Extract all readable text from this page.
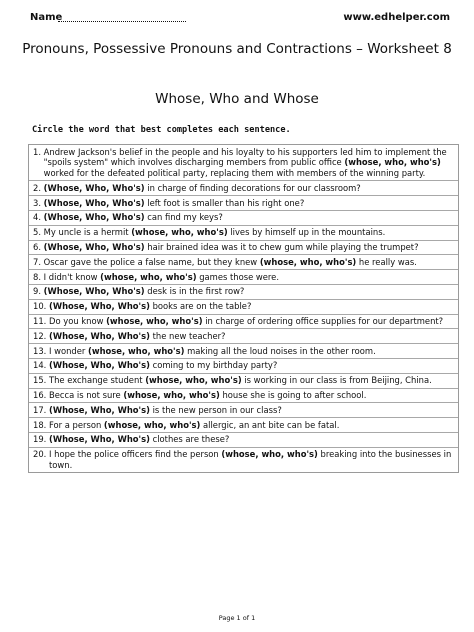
Name	www.edhelper.com
Pronouns, Possessive Pronouns and Contractions – Worksheet 8
Whose, Who and Whose
Circle the word that best completes each sentence.
1.
Andrew Jackson's belief in the people and his loyalty to his supporters led him to implement the "spoils system" which involves discharging members from public office (whose, who, who's) worked for the defeated political party, replacing them with members of the winning party.
2.
(Whose, Who, Who's) in charge of finding decorations for our classroom?
3.
(Whose, Who, Who's) left foot is smaller than his right one?
4.
(Whose, Who, Who's) can find my keys?
5.
My uncle is a hermit (whose, who, who's) lives by himself up in the mountains.
6.
(Whose, Who, Who's) hair brained idea was it to chew gum while playing the trumpet?
7.
Oscar gave the police a false name, but they knew (whose, who, who's) he really was.
8.
I didn't know (whose, who, who's) games those were.
9.
(Whose, Who, Who's) desk is in the first row?
10.
(Whose, Who, Who's) books are on the table?
11.
Do you know (whose, who, who's) in charge of ordering office supplies for our department?
12.
(Whose, Who, Who's) the new teacher?
13.
I wonder (whose, who, who's) making all the loud noises in the other room.
14.
(Whose, Who, Who's) coming to my birthday party?
15.
The exchange student (whose, who, who's) is working in our class is from Beijing, China.
16.
Becca is not sure (whose, who, who's) house she is going to after school.
17.
(Whose, Who, Who's) is the new person in our class?
18.
For a person (whose, who, who's) allergic, an ant bite can be fatal.
19.
(Whose, Who, Who's) clothes are these?
20.
I hope the police officers find the person (whose, who, who's) breaking into the businesses in town.
Page 1 of 1
